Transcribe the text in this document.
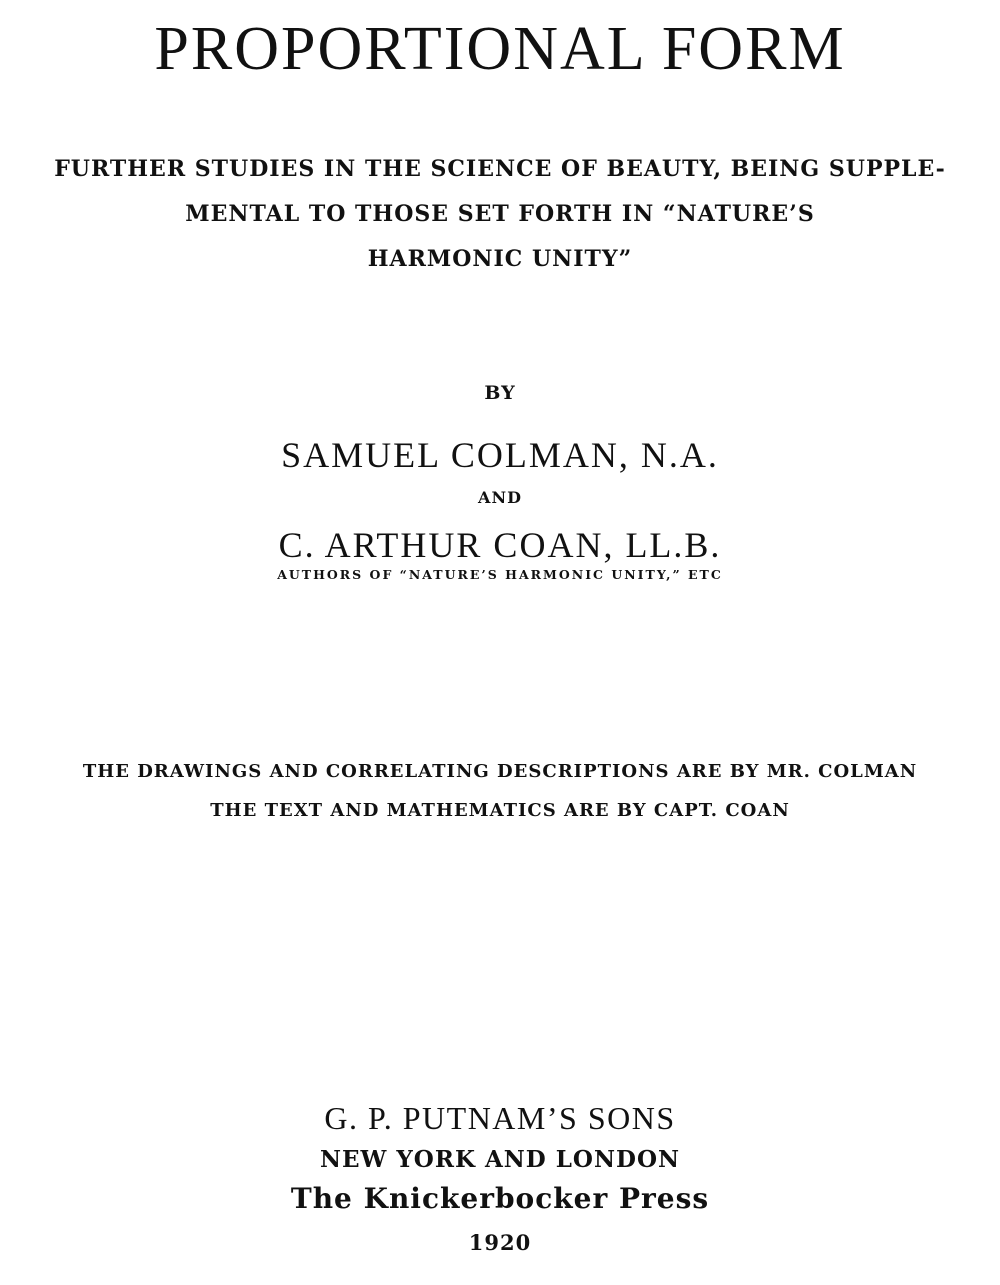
PROPORTIONAL FORM
FURTHER STUDIES IN THE SCIENCE OF BEAUTY, BEING SUPPLE-
MENTAL TO THOSE SET FORTH IN “NATURE’S
HARMONIC UNITY”
BY
SAMUEL COLMAN, N.A.
AND
C. ARTHUR COAN, LL.B.
AUTHORS OF “NATURE’S HARMONIC UNITY,” ETC
THE DRAWINGS AND CORRELATING DESCRIPTIONS ARE BY MR. COLMAN
THE TEXT AND MATHEMATICS ARE BY CAPT. COAN
G. P. PUTNAM’S SONS
NEW YORK AND LONDON
The Knickerbocker Press
1920
